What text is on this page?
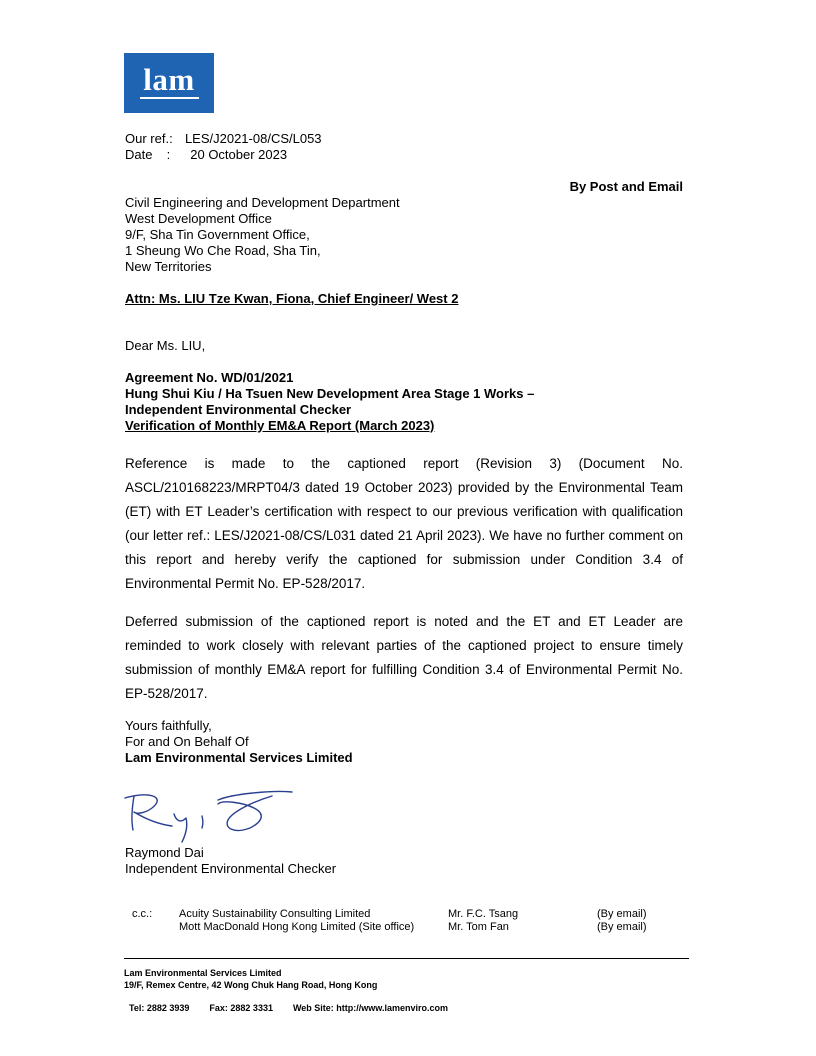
lam
Our ref.: LES/J2021-08/CS/L053
Date : 20 October 2023
By Post and Email
Civil Engineering and Development Department
West Development Office
9/F, Sha Tin Government Office,
1 Sheung Wo Che Road, Sha Tin,
New Territories
Attn: Ms. LIU Tze Kwan, Fiona, Chief Engineer/ West 2
Dear Ms. LIU,
Agreement No. WD/01/2021
Hung Shui Kiu / Ha Tsuen New Development Area Stage 1 Works –
Independent Environmental Checker
Verification of Monthly EM&A Report (March 2023)
Reference is made to the captioned report (Revision 3) (Document No. ASCL/210168223/MRPT04/3 dated 19 October 2023) provided by the Environmental Team (ET) with ET Leader’s certification with respect to our previous verification with qualification (our letter ref.: LES/J2021-08/CS/L031 dated 21 April 2023). We have no further comment on this report and hereby verify the captioned for submission under Condition 3.4 of Environmental Permit No. EP-528/2017.
Deferred submission of the captioned report is noted and the ET and ET Leader are reminded to work closely with relevant parties of the captioned project to ensure timely submission of monthly EM&A report for fulfilling Condition 3.4 of Environmental Permit No. EP-528/2017.
Yours faithfully,
For and On Behalf Of
Lam Environmental Services Limited
Raymond Dai
Independent Environmental Checker
c.c.: Acuity Sustainability Consulting Limited	Mr. F.C. Tsang	(By email)
Mott MacDonald Hong Kong Limited (Site office)	Mr. Tom Fan	(By email)
Lam Environmental Services Limited
19/F, Remex Centre, 42 Wong Chuk Hang Road, Hong Kong

Tel: 2882 3939 Fax: 2882 3331 Web Site: http://www.lamenviro.com
